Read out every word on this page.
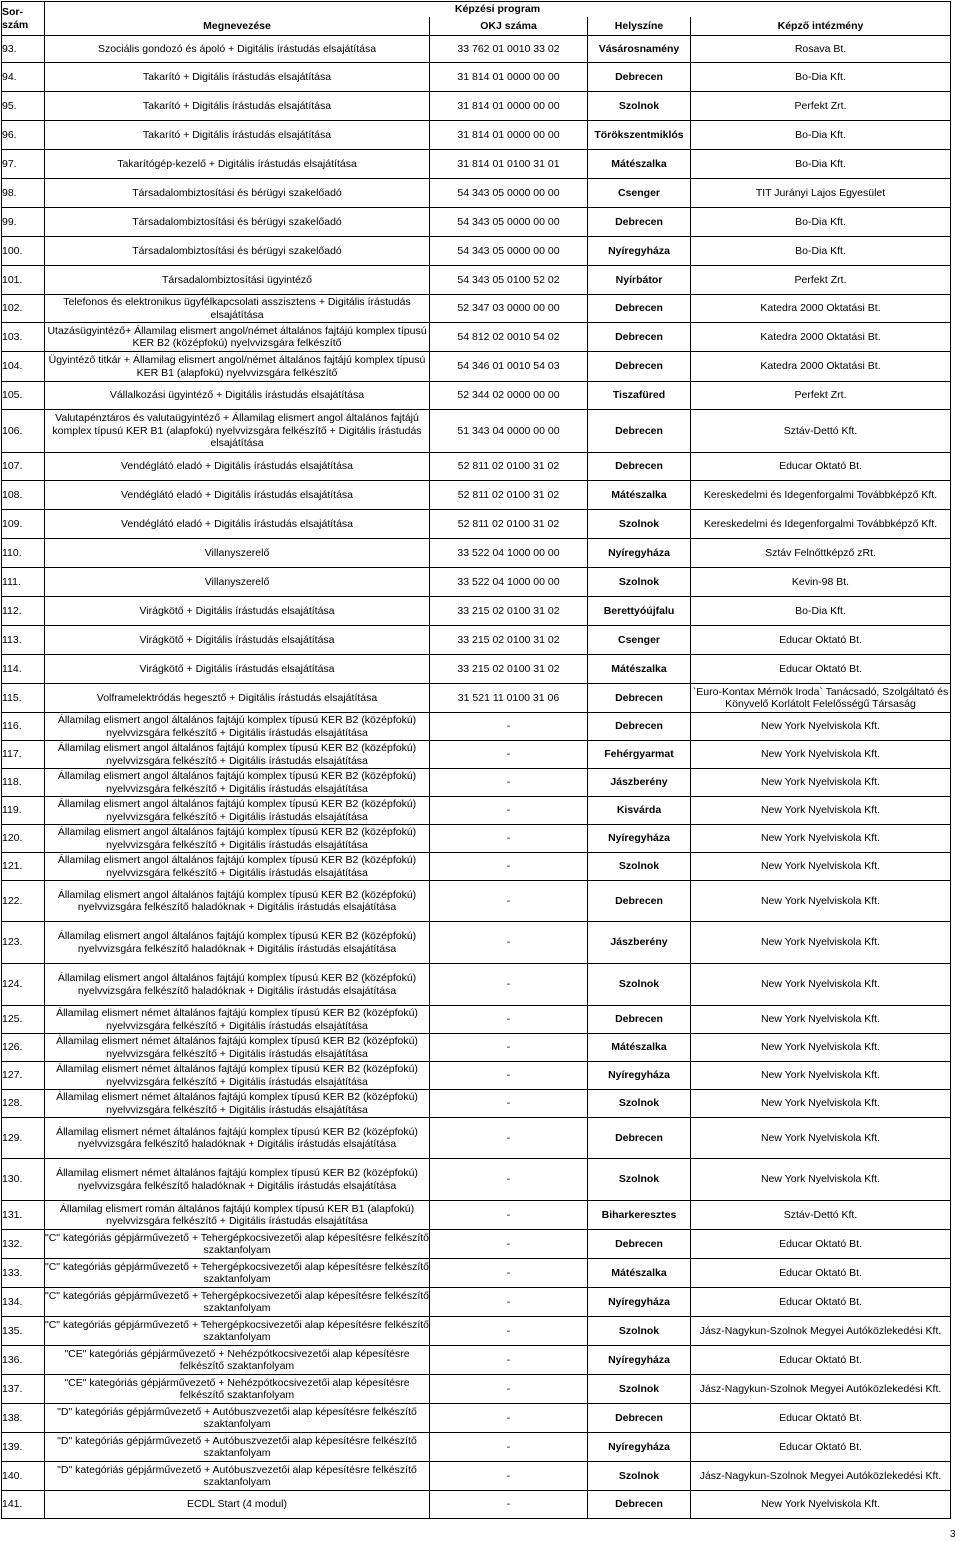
Sor-
szám	Képzési program			
	Megnevezése	OKJ száma	Helyszíne	Képző intézmény
93.	Szociális gondozó és ápoló + Digitális írástudás elsajátítása	33 762 01 0010 33 02	Vásárosnamény	Rosava Bt.
94.	Takarító + Digitális írástudás elsajátítása	31 814 01 0000 00 00	Debrecen	Bo-Dia Kft.
95.	Takarító + Digitális írástudás elsajátítása	31 814 01 0000 00 00	Szolnok	Perfekt Zrt.
96.	Takarító + Digitális írástudás elsajátítása	31 814 01 0000 00 00	Törökszentmiklós	Bo-Dia Kft.
97.	Takarítógép-kezelő + Digitális írástudás elsajátítása	31 814 01 0100 31 01	Mátészalka	Bo-Dia Kft.
98.	Társadalombiztosítási és bérügyi szakelőadó	54 343 05 0000 00 00	Csenger	TIT Jurányi Lajos Egyesület
99.	Társadalombiztosítási és bérügyi szakelőadó	54 343 05 0000 00 00	Debrecen	Bo-Dia Kft.
100.	Társadalombiztosítási és bérügyi szakelőadó	54 343 05 0000 00 00	Nyíregyháza	Bo-Dia Kft.
101.	Társadalombiztosítási ügyintéző	54 343 05 0100 52 02	Nyírbátor	Perfekt Zrt.
102.	Telefonos és elektronikus ügyfélkapcsolati asszisztens + Digitális írástudás elsajátítása	52 347 03 0000 00 00	Debrecen	Katedra 2000 Oktatási Bt.
103.	Utazásügyintéző+ Államilag elismert angol/német általános fajtájú komplex típusú KER B2 (középfokú) nyelvvizsgára felkészítő	54 812 02 0010 54 02	Debrecen	Katedra 2000 Oktatási Bt.
104.	Ügyintéző titkár + Államilag elismert angol/német általános fajtájú komplex típusú KER B1 (alapfokú) nyelvvizsgára felkészítő	54 346 01 0010 54 03	Debrecen	Katedra 2000 Oktatási Bt.
105.	Vállalkozási ügyintéző + Digitális írástudás elsajátítása	52 344 02 0000 00 00	Tiszafüred	Perfekt Zrt.
106.	Valutapénztáros és valutaügyintéző + Államilag elismert angol általános fajtájú komplex típusú KER B1 (alapfokú) nyelvvizsgára felkészítő + Digitális írástudás elsajátítása	51 343 04 0000 00 00	Debrecen	Sztáv-Dettó Kft.
107.	Vendéglátó eladó + Digitális írástudás elsajátítása	52 811 02 0100 31 02	Debrecen	Educar Oktató Bt.
108.	Vendéglátó eladó + Digitális írástudás elsajátítása	52 811 02 0100 31 02	Mátészalka	Kereskedelmi és Idegenforgalmi Továbbképző Kft.
109.	Vendéglátó eladó + Digitális írástudás elsajátítása	52 811 02 0100 31 02	Szolnok	Kereskedelmi és Idegenforgalmi Továbbképző Kft.
110.	Villanyszerelő	33 522 04 1000 00 00	Nyíregyháza	Sztáv Felnőttképző zRt.
111.	Villanyszerelő	33 522 04 1000 00 00	Szolnok	Kevin-98 Bt.
112.	Virágkötő + Digitális írástudás elsajátítása	33 215 02 0100 31 02	Berettyóújfalu	Bo-Dia Kft.
113.	Virágkötő + Digitális írástudás elsajátítása	33 215 02 0100 31 02	Csenger	Educar Oktató Bt.
114.	Virágkötő + Digitális írástudás elsajátítása	33 215 02 0100 31 02	Mátészalka	Educar Oktató Bt.
115.	Volframelektródás hegesztő + Digitális írástudás elsajátítása	31 521 11 0100 31 06	Debrecen	`Euro-Kontax Mérnök Iroda` Tanácsadó, Szolgáltató és Könyvelő Korlátolt Felelősségű Társaság
116.	Államilag elismert angol általános fajtájú komplex típusú KER B2 (középfokú) nyelvvizsgára felkészítő + Digitális írástudás elsajátítása	-	Debrecen	New York Nyelviskola Kft.
117.	Államilag elismert angol általános fajtájú komplex típusú KER B2 (középfokú) nyelvvizsgára felkészítő + Digitális írástudás elsajátítása	-	Fehérgyarmat	New York Nyelviskola Kft.
118.	Államilag elismert angol általános fajtájú komplex típusú KER B2 (középfokú) nyelvvizsgára felkészítő + Digitális írástudás elsajátítása	-	Jászberény	New York Nyelviskola Kft.
119.	Államilag elismert angol általános fajtájú komplex típusú KER B2 (középfokú) nyelvvizsgára felkészítő + Digitális írástudás elsajátítása	-	Kisvárda	New York Nyelviskola Kft.
120.	Államilag elismert angol általános fajtájú komplex típusú KER B2 (középfokú) nyelvvizsgára felkészítő + Digitális írástudás elsajátítása	-	Nyíregyháza	New York Nyelviskola Kft.
121.	Államilag elismert angol általános fajtájú komplex típusú KER B2 (középfokú) nyelvvizsgára felkészítő + Digitális írástudás elsajátítása	-	Szolnok	New York Nyelviskola Kft.
122.	Államilag elismert angol általános fajtájú komplex típusú KER B2 (középfokú) nyelvvizsgára felkészítő haladóknak + Digitális írástudás elsajátítása	-	Debrecen	New York Nyelviskola Kft.
123.	Államilag elismert angol általános fajtájú komplex típusú KER B2 (középfokú) nyelvvizsgára felkészítő haladóknak + Digitális írástudás elsajátítása	-	Jászberény	New York Nyelviskola Kft.
124.	Államilag elismert angol általános fajtájú komplex típusú KER B2 (középfokú) nyelvvizsgára felkészítő haladóknak + Digitális írástudás elsajátítása	-	Szolnok	New York Nyelviskola Kft.
125.	Államilag elismert német általános fajtájú komplex típusú KER B2 (középfokú) nyelvvizsgára felkészítő + Digitális írástudás elsajátítása	-	Debrecen	New York Nyelviskola Kft.
126.	Államilag elismert német általános fajtájú komplex típusú KER B2 (középfokú) nyelvvizsgára felkészítő + Digitális írástudás elsajátítása	-	Mátészalka	New York Nyelviskola Kft.
127.	Államilag elismert német általános fajtájú komplex típusú KER B2 (középfokú) nyelvvizsgára felkészítő + Digitális írástudás elsajátítása	-	Nyíregyháza	New York Nyelviskola Kft.
128.	Államilag elismert német általános fajtájú komplex típusú KER B2 (középfokú) nyelvvizsgára felkészítő + Digitális írástudás elsajátítása	-	Szolnok	New York Nyelviskola Kft.
129.	Államilag elismert német általános fajtájú komplex típusú KER B2 (középfokú) nyelvvizsgára felkészítő haladóknak + Digitális írástudás elsajátítása	-	Debrecen	New York Nyelviskola Kft.
130.	Államilag elismert német általános fajtájú komplex típusú KER B2 (középfokú) nyelvvizsgára felkészítő haladóknak + Digitális írástudás elsajátítása	-	Szolnok	New York Nyelviskola Kft.
131.	Államilag elismert román általános fajtájú komplex típusú KER B1 (alapfokú) nyelvvizsgára felkészítő + Digitális írástudás elsajátítása	-	Biharkeresztes	Sztáv-Dettó Kft.
132.	"C" kategóriás gépjárművezető + Tehergépkocsivezetői alap képesítésre felkészítő szaktanfolyam	-	Debrecen	Educar Oktató Bt.
133.	"C" kategóriás gépjárművezető + Tehergépkocsivezetői alap képesítésre felkészítő szaktanfolyam	-	Mátészalka	Educar Oktató Bt.
134.	"C" kategóriás gépjárművezető + Tehergépkocsivezetői alap képesítésre felkészítő szaktanfolyam	-	Nyíregyháza	Educar Oktató Bt.
135.	"C" kategóriás gépjárművezető + Tehergépkocsivezetői alap képesítésre felkészítő szaktanfolyam	-	Szolnok	Jász-Nagykun-Szolnok Megyei Autóközlekedési Kft.
136.	"CE" kategóriás gépjárművezető + Nehézpótkocsivezetői alap képesítésre felkészítő szaktanfolyam	-	Nyíregyháza	Educar Oktató Bt.
137.	"CE" kategóriás gépjárművezető + Nehézpótkocsivezetői alap képesítésre felkészítő szaktanfolyam	-	Szolnok	Jász-Nagykun-Szolnok Megyei Autóközlekedési Kft.
138.	"D" kategóriás gépjárművezető + Autóbuszvezetői alap képesítésre felkészítő szaktanfolyam	-	Debrecen	Educar Oktató Bt.
139.	"D" kategóriás gépjárművezető + Autóbuszvezetői alap képesítésre felkészítő szaktanfolyam	-	Nyíregyháza	Educar Oktató Bt.
140.	"D" kategóriás gépjárművezető + Autóbuszvezetői alap képesítésre felkészítő szaktanfolyam	-	Szolnok	Jász-Nagykun-Szolnok Megyei Autóközlekedési Kft.
141.	ECDL Start (4 modul)	-	Debrecen	New York Nyelviskola Kft.
3
